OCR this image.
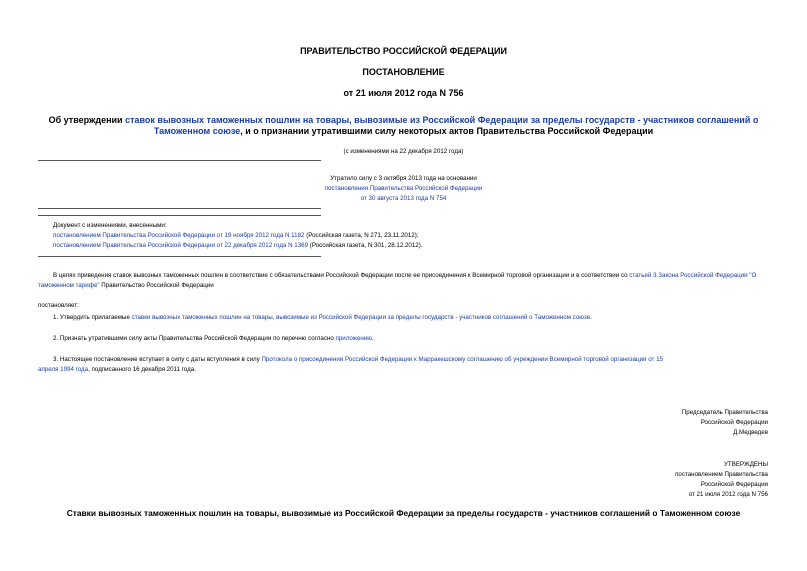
ПРАВИТЕЛЬСТВО РОССИЙСКОЙ ФЕДЕРАЦИИ
ПОСТАНОВЛЕНИЕ
от 21 июля 2012 года N 756
Об утверждении ставок вывозных таможенных пошлин на товары, вывозимые из Российской Федерации за пределы государств - участников соглашений о Таможенном союзе, и о признании утратившими силу некоторых актов Правительства Российской Федерации
(с изменениями на 22 декабря 2012 года)
Утратило силу с 3 октября 2013 года на основании
постановления Правительства Российской Федерации
от 30 августа 2013 года N 754
Документ с изменениями, внесенными:
постановлением Правительства Российской Федерации от 19 ноября 2012 года N 1182 (Российская газета, N 271, 23.11.2012);
постановлением Правительства Российской Федерации от 22 декабря 2012 года N 1369 (Российская газета, N 301, 28.12.2012).
В целях приведения ставок вывозных таможенных пошлин в соответствие с обязательствами Российской Федерации после ее присоединения к Всемирной торговой организации и в соответствии со статьей 3 Закона Российской Федерации "О таможенном тарифе" Правительство Российской Федерации
постановляет:
1. Утвердить прилагаемые ставки вывозных таможенных пошлин на товары, вывозимые из Российской Федерации за пределы государств - участников соглашений о Таможенном союзе.
2. Признать утратившими силу акты Правительства Российской Федерации по перечню согласно приложению.
3. Настоящее постановление вступает в силу с даты вступления в силу Протокола о присоединении Российской Федерации к Марракешскому соглашению об учреждении Всемирной торговой организации от 15
апреля 1994 года, подписанного 16 декабря 2011 года.
Председатель Правительства
Российской Федерации
Д.Медведев
УТВЕРЖДЕНЫ
постановлением Правительства
Российской Федерации
от 21 июля 2012 года N 756
Ставки вывозных таможенных пошлин на товары, вывозимые из Российской Федерации за пределы государств - участников соглашений о Таможенном союзе
